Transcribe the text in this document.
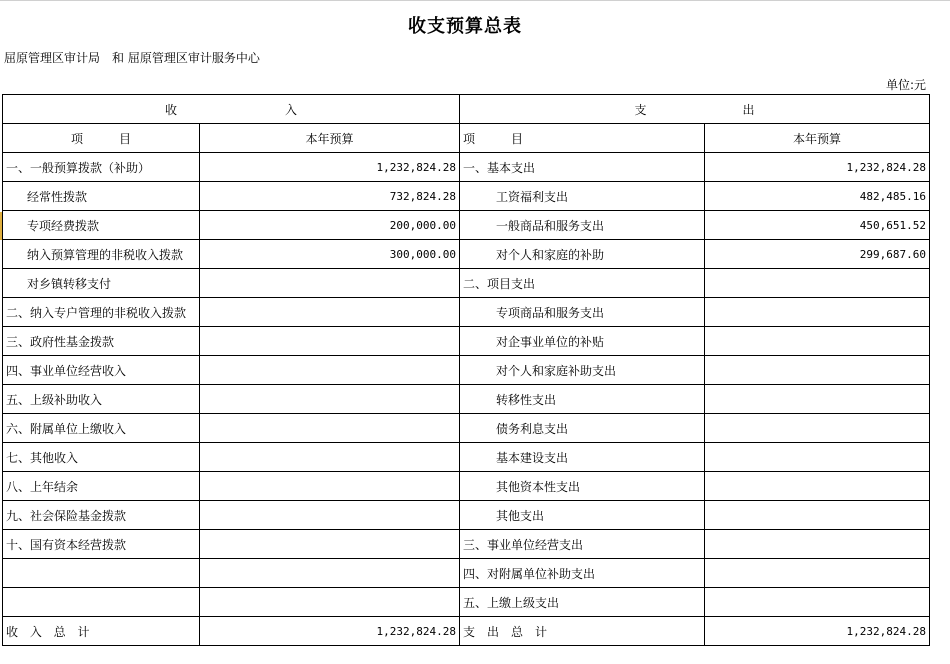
收支预算总表
屈原管理区审计局　和 屈原管理区审计服务中心
单位:元
收　　　　　　　　　入		支　　　　　　　　出	
项　　　目	本年预算	项　　　目	本年预算
一、一般预算拨款（补助）	1,232,824.28	一、基本支出	1,232,824.28
经常性拨款	732,824.28	工资福利支出	482,485.16
专项经费拨款	200,000.00	一般商品和服务支出	450,651.52
纳入预算管理的非税收入拨款	300,000.00	对个人和家庭的补助	299,687.60
对乡镇转移支付		二、项目支出	
二、纳入专户管理的非税收入拨款		专项商品和服务支出	
三、政府性基金拨款		对企事业单位的补贴	
四、事业单位经营收入		对个人和家庭补助支出	
五、上级补助收入		转移性支出	
六、附属单位上缴收入		债务利息支出	
七、其他收入		基本建设支出	
八、上年结余		其他资本性支出	
九、社会保险基金拨款		其他支出	
十、国有资本经营拨款		三、事业单位经营支出	
		四、对附属单位补助支出	
		五、上缴上级支出	
收 入 总 计	1,232,824.28	支　出　总　计	1,232,824.28
